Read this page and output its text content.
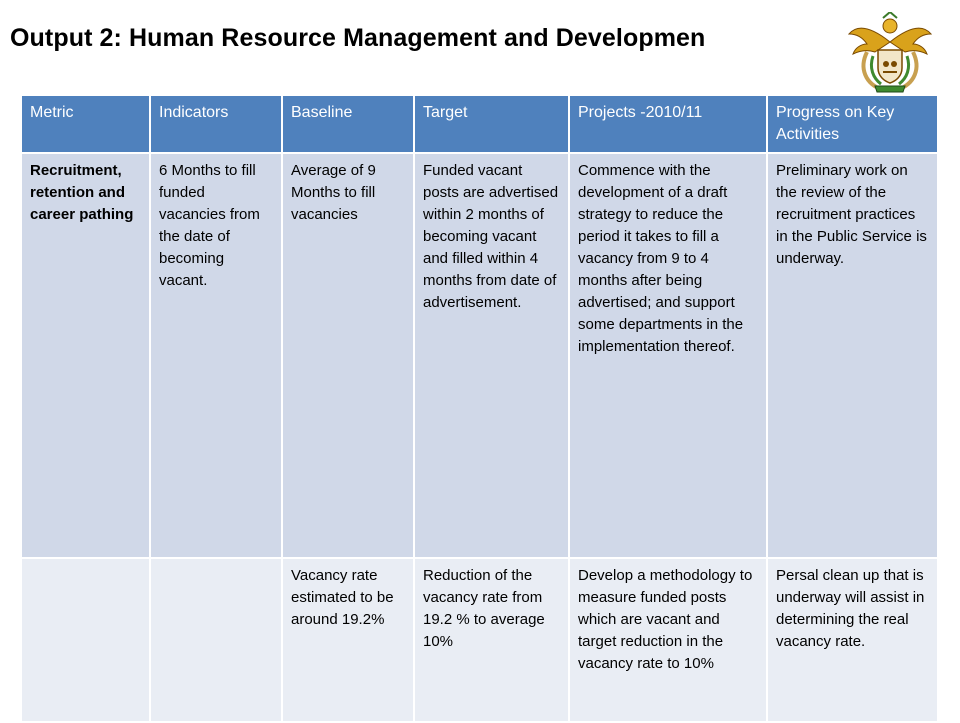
Output 2: Human Resource Management and Developmen
Metric	Indicators	Baseline	Target	Projects -2010/11	Progress on Key Activities
Recruitment, retention and career pathing	6 Months to fill funded vacancies from the date of becoming vacant.	Average of 9 Months to fill vacancies	Funded vacant posts are advertised within 2 months of becoming vacant and filled within 4 months from date of advertisement.	Commence with the development of a draft strategy to reduce the period it takes to fill a vacancy from 9 to 4 months after being advertised; and support some departments in the implementation thereof.	Preliminary work on the review of the recruitment practices in the Public Service is underway.
		Vacancy rate estimated to be around 19.2%	Reduction of the vacancy rate from 19.2 % to average 10%	Develop a methodology to measure funded posts which are vacant and target reduction in the vacancy rate to 10%	Persal clean up that is underway will assist in determining the real vacancy rate.
